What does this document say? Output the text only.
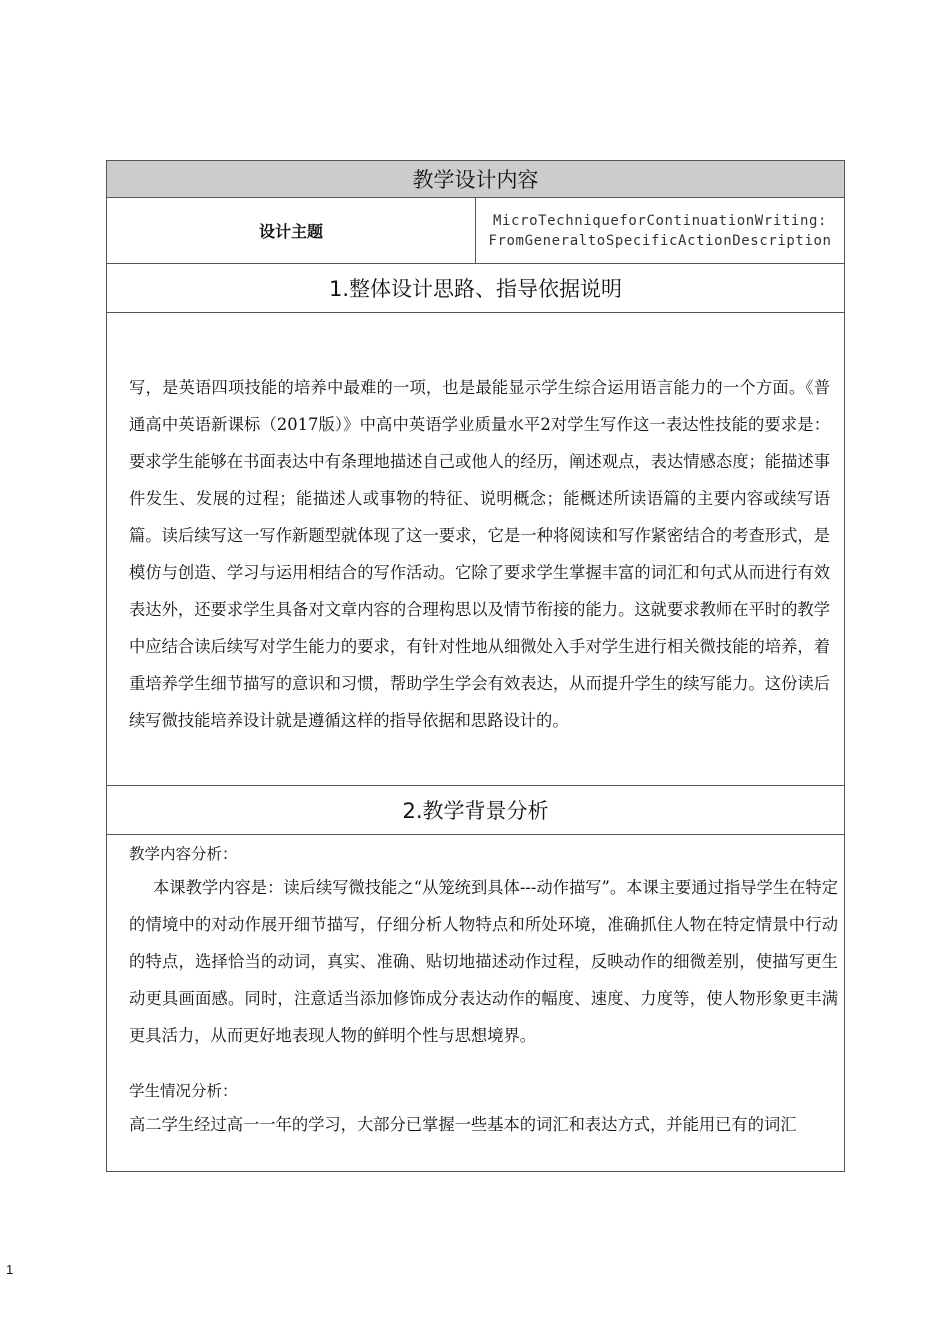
教学设计内容
设计主题	
MicroTechniqueforContinuationWriting:
FromGeneraltoSpecificActionDescription

1.整体设计思路、指导依据说明

写，是英语四项技能的培养中最难的一项，也是最能显示学生综合运用语言能力的一个方面。《普通高中英语新课标（2017版）》中高中英语学业质量水平2对学生写作这一表达性技能的要求是：要求学生能够在书面表达中有条理地描述自己或他人的经历，阐述观点，表达情感态度；能描述事件发生、发展的过程；能描述人或事物的特征、说明概念；能概述所读语篇的主要内容或续写语篇。读后续写这一写作新题型就体现了这一要求，它是一种将阅读和写作紧密结合的考查形式，是模仿与创造、学习与运用相结合的写作活动。它除了要求学生掌握丰富的词汇和句式从而进行有效表达外，还要求学生具备对文章内容的合理构思以及情节衔接的能力。这就要求教师在平时的教学中应结合读后续写对学生能力的要求，有针对性地从细微处入手对学生进行相关微技能的培养，着重培养学生细节描写的意识和习惯，帮助学生学会有效表达，从而提升学生的续写能力。这份读后续写微技能培养设计就是遵循这样的指导依据和思路设计的。

2.教学背景分析

教学内容分析：

本课教学内容是：读后续写微技能之“从笼统到具体---动作描写”。本课主要通过指导学生在特定的情境中的对动作展开细节描写，仔细分析人物特点和所处环境，准确抓住人物在特定情景中行动的特点，选择恰当的动词，真实、准确、贴切地描述动作过程，反映动作的细微差别，使描写更生动更具画面感。同时，注意适当添加修饰成分表达动作的幅度、速度、力度等，使人物形象更丰满更具活力，从而更好地表现人物的鲜明个性与思想境界。

学生情况分析：

高二学生经过高一一年的学习，大部分已掌握一些基本的词汇和表达方式，并能用已有的词汇

1
